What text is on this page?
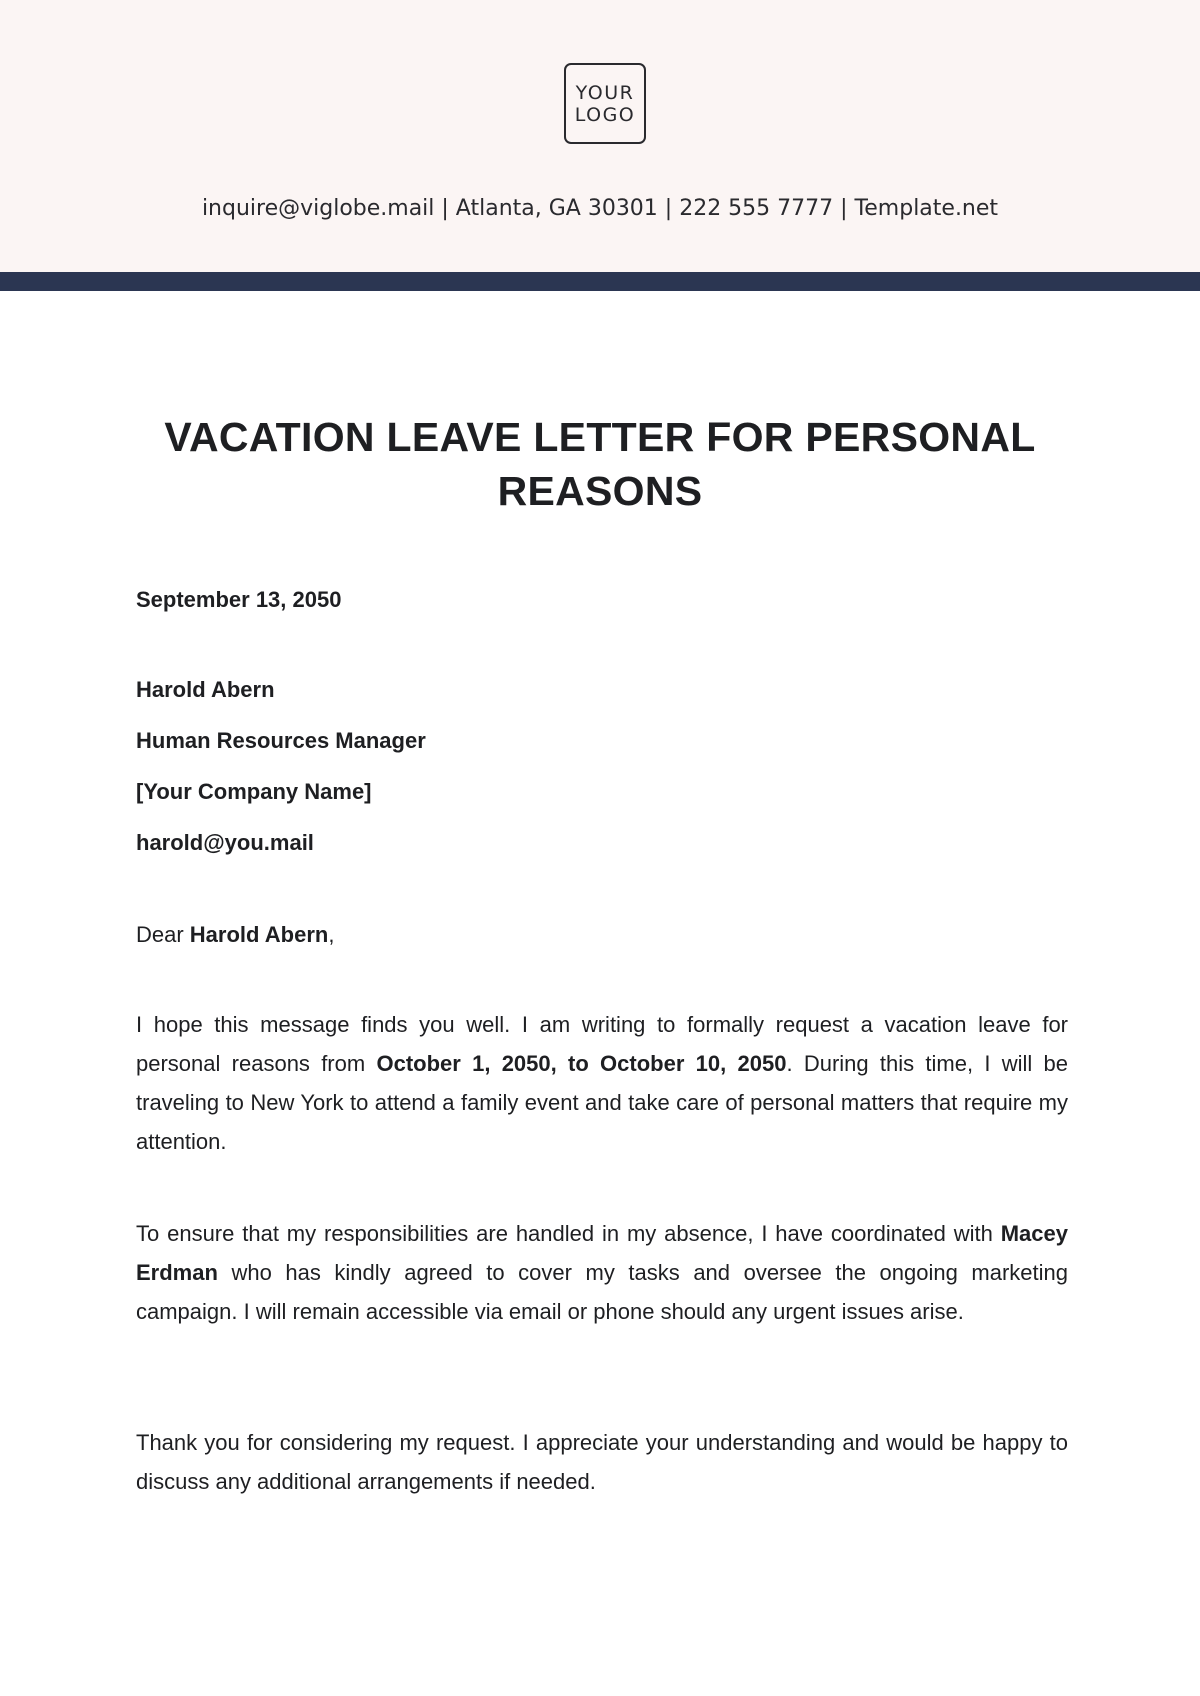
YOUR
LOGO
inquire@viglobe.mail | Atlanta, GA 30301 | 222 555 7777 | Template.net
VACATION LEAVE LETTER FOR PERSONAL REASONS
September 13, 2050
Harold Abern
Human Resources Manager
[Your Company Name]
harold@you.mail
Dear Harold Abern,
I hope this message finds you well. I am writing to formally request a vacation leave for personal reasons from October 1, 2050, to October 10, 2050. During this time, I will be traveling to New York to attend a family event and take care of personal matters that require my attention.
To ensure that my responsibilities are handled in my absence, I have coordinated with Macey Erdman who has kindly agreed to cover my tasks and oversee the ongoing marketing campaign. I will remain accessible via email or phone should any urgent issues arise.
Thank you for considering my request. I appreciate your understanding and would be happy to discuss any additional arrangements if needed.
